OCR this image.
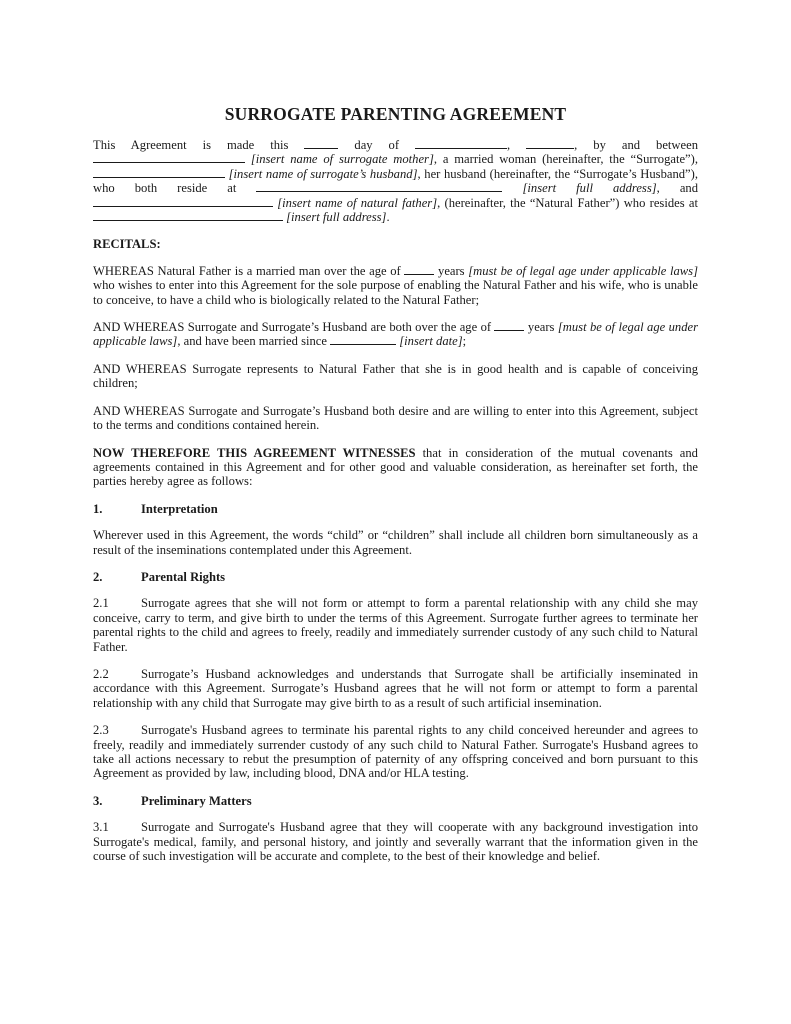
SURROGATE PARENTING AGREEMENT

This Agreement is made this	day of	,	, by and between  [insert name of surrogate mother], a married woman (hereinafter, the “Surrogate”),  [insert name of surrogate’s husband], her husband (hereinafter, the “Surrogate’s Husband”), who both reside at	[insert full address], and  [insert name of natural father], (hereinafter, the “Natural Father”) who resides at  [insert full address].

RECITALS:

WHEREAS Natural Father is a married man over the age of	years [must be of legal age under applicable laws] who wishes to enter into this Agreement for the sole purpose of enabling the Natural Father and his wife, who is unable to conceive, to have a child who is biologically related to the Natural Father;

AND WHEREAS Surrogate and Surrogate’s Husband are both over the age of	years [must be of legal age under applicable laws], and have been married since	[insert date];

AND WHEREAS Surrogate represents to Natural Father that she is in good health and is capable of conceiving children;

AND WHEREAS Surrogate and Surrogate’s Husband both desire and are willing to enter into this Agreement, subject to the terms and conditions contained herein.

NOW THEREFORE THIS AGREEMENT WITNESSES that in consideration of the mutual covenants and agreements contained in this Agreement and for other good and valuable consideration, as hereinafter set forth, the parties hereby agree as follows:

1.	Interpretation

Wherever used in this Agreement, the words “child” or “children” shall include all children born simultaneously as a result of the inseminations contemplated under this Agreement.

2.	Parental Rights

2.1	Surrogate agrees that she will not form or attempt to form a parental relationship with any child she may conceive, carry to term, and give birth to under the terms of this Agreement. Surrogate further agrees to terminate her parental rights to the child and agrees to freely, readily and immediately surrender custody of any such child to Natural Father.

2.2	Surrogate’s Husband acknowledges and understands that Surrogate shall be artificially inseminated in accordance with this Agreement. Surrogate’s Husband agrees that he will not form or attempt to form a parental relationship with any child that Surrogate may give birth to as a result of such artificial insemination.

2.3	Surrogate's Husband agrees to terminate his parental rights to any child conceived hereunder and agrees to freely, readily and immediately surrender custody of any such child to Natural Father. Surrogate's Husband agrees to take all actions necessary to rebut the presumption of paternity of any offspring conceived and born pursuant to this Agreement as provided by law, including blood, DNA and/or HLA testing.

3.	Preliminary Matters

3.1	Surrogate and Surrogate's Husband agree that they will cooperate with any background investigation into Surrogate's medical, family, and personal history, and jointly and severally warrant that the information given in the course of such investigation will be accurate and complete, to the best of their knowledge and belief.
